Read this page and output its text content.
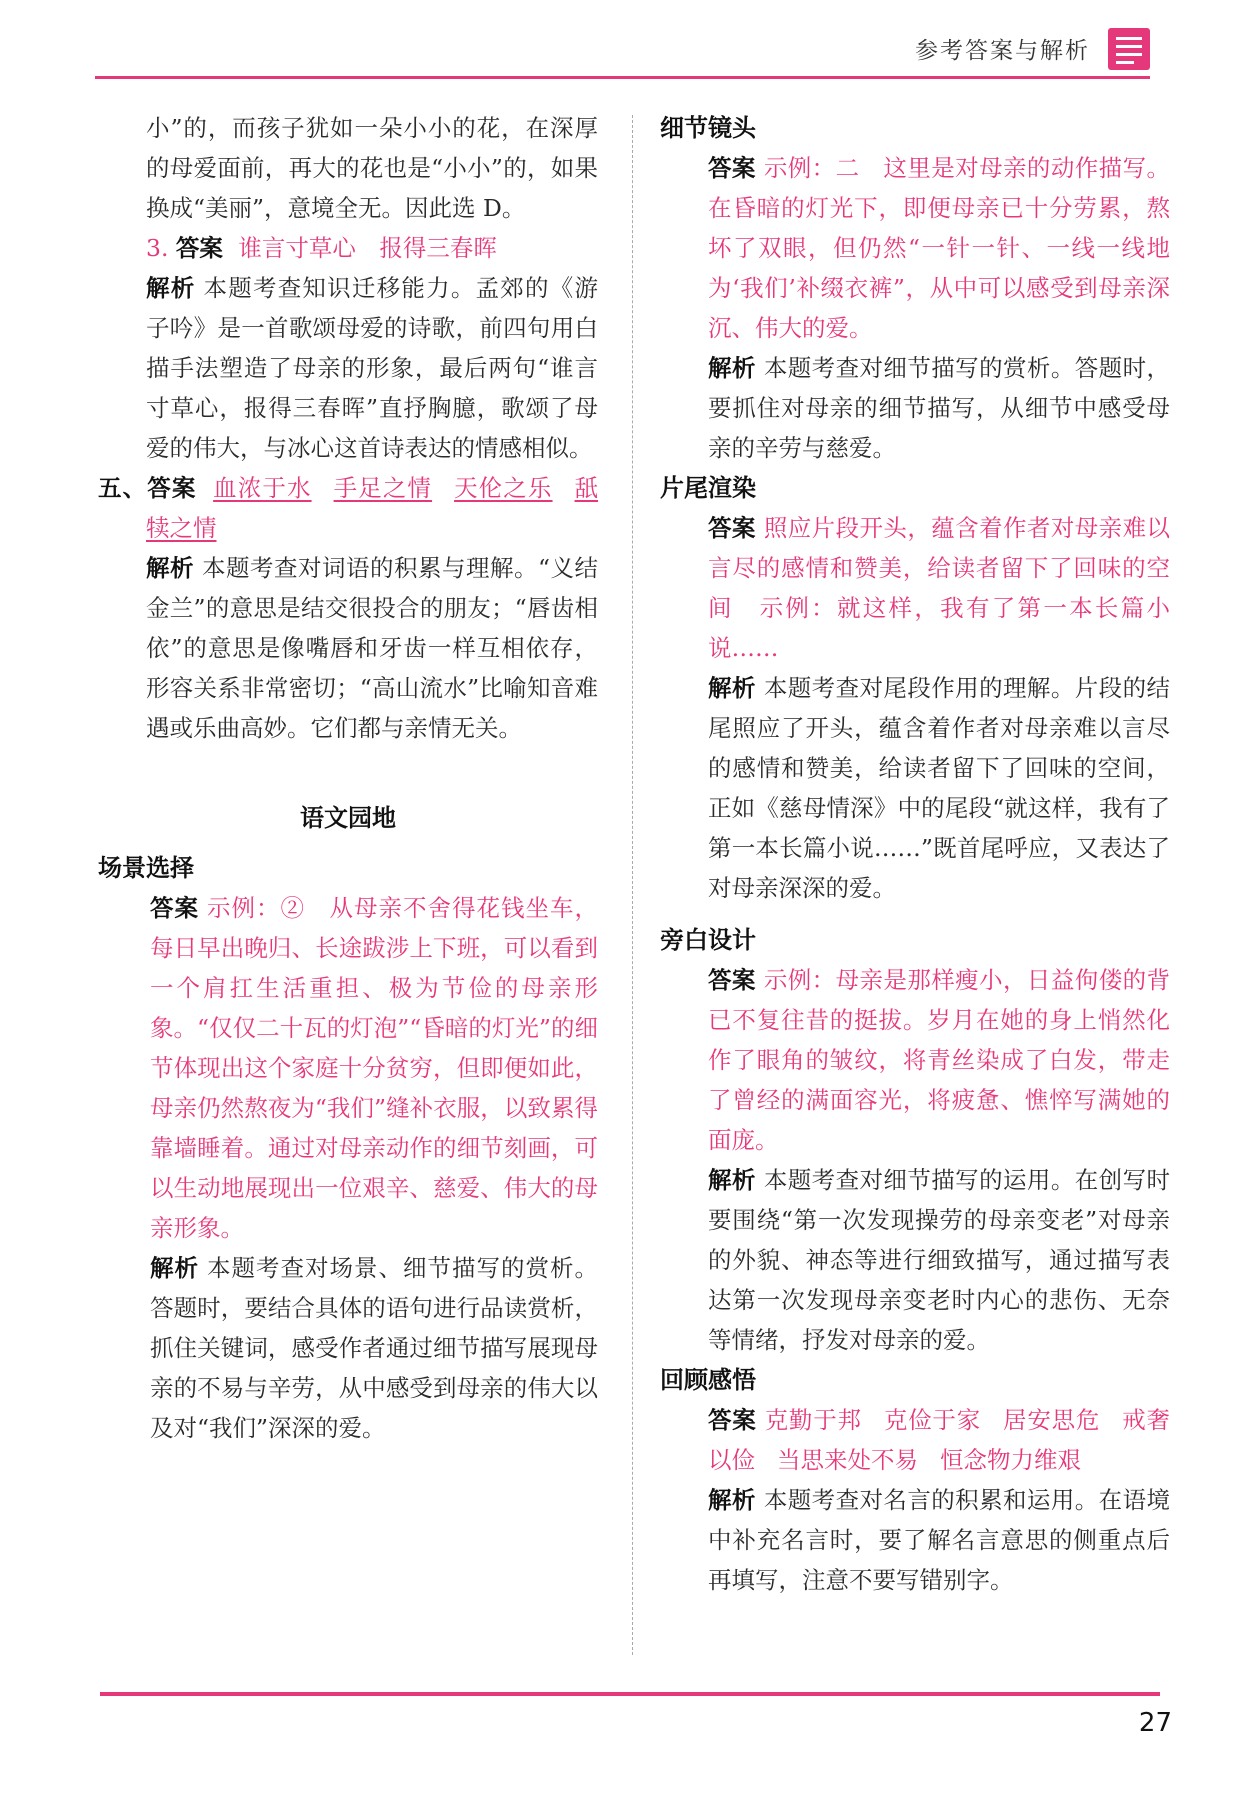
参考答案与解析

小”的，而孩子犹如一朵小小的花，在深厚的母爱面前，再大的花也是“小小”的，如果换成“美丽”，意境全无。因此选 D。

3. 答案 谁言寸草心　报得三春晖

解析 本题考查知识迁移能力。孟郊的《游子吟》是一首歌颂母爱的诗歌，前四句用白描手法塑造了母亲的形象，最后两句“谁言寸草心，报得三春晖”直抒胸臆，歌颂了母爱的伟大，与冰心这首诗表达的情感相似。

五、答案 血浓于水 手足之情 天伦之乐 舐犊之情

解析 本题考查对词语的积累与理解。“义结金兰”的意思是结交很投合的朋友；“唇齿相依”的意思是像嘴唇和牙齿一样互相依存，形容关系非常密切；“高山流水”比喻知音难遇或乐曲高妙。它们都与亲情无关。

语文园地
场景选择

答案 示例：②　从母亲不舍得花钱坐车，每日早出晚归、长途跋涉上下班，可以看到一个肩扛生活重担、极为节俭的母亲形象。“仅仅二十瓦的灯泡”“昏暗的灯光”的细节体现出这个家庭十分贫穷，但即便如此，母亲仍然熬夜为“我们”缝补衣服，以致累得靠墙睡着。通过对母亲动作的细节刻画，可以生动地展现出一位艰辛、慈爱、伟大的母亲形象。

解析 本题考查对场景、细节描写的赏析。答题时，要结合具体的语句进行品读赏析，抓住关键词，感受作者通过细节描写展现母亲的不易与辛劳，从中感受到母亲的伟大以及对“我们”深深的爱。

细节镜头

答案 示例：二　这里是对母亲的动作描写。在昏暗的灯光下，即便母亲已十分劳累，熬坏了双眼，但仍然“一针一针、一线一线地为‘我们’补缀衣裤”，从中可以感受到母亲深沉、伟大的爱。

解析 本题考查对细节描写的赏析。答题时，要抓住对母亲的细节描写，从细节中感受母亲的辛劳与慈爱。

片尾渲染

答案 照应片段开头，蕴含着作者对母亲难以言尽的感情和赞美，给读者留下了回味的空间　示例：就这样，我有了第一本长篇小说……

解析 本题考查对尾段作用的理解。片段的结尾照应了开头，蕴含着作者对母亲难以言尽的感情和赞美，给读者留下了回味的空间，正如《慈母情深》中的尾段“就这样，我有了第一本长篇小说……”既首尾呼应，又表达了对母亲深深的爱。

旁白设计

答案 示例：母亲是那样瘦小，日益佝偻的背已不复往昔的挺拔。岁月在她的身上悄然化作了眼角的皱纹，将青丝染成了白发，带走了曾经的满面容光，将疲惫、憔悴写满她的面庞。

解析 本题考查对细节描写的运用。在创写时要围绕“第一次发现操劳的母亲变老”对母亲的外貌、神态等进行细致描写，通过描写表达第一次发现母亲变老时内心的悲伤、无奈等情绪，抒发对母亲的爱。

回顾感悟

答案 克勤于邦 克俭于家 居安思危 戒奢以俭 当思来处不易 恒念物力维艰

解析 本题考查对名言的积累和运用。在语境中补充名言时，要了解名言意思的侧重点后再填写，注意不要写错别字。

27
